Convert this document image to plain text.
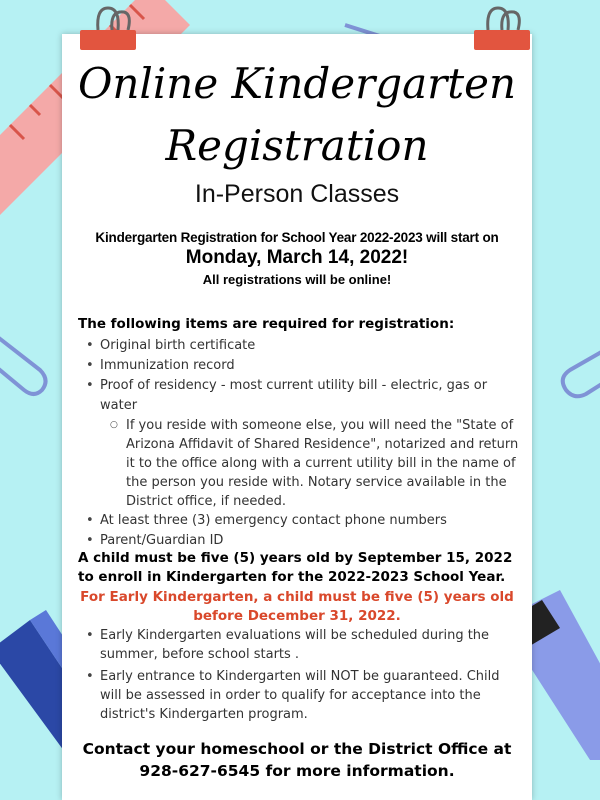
Online Kindergarten
Registration
In-Person Classes
Kindergarten Registration for School Year 2022-2023 will start on
Monday, March 14, 2022!
All registrations will be online!
The following items are required for registration:
• Original birth certificate
• Immunization record
• Proof of residency - most current utility bill - electric, gas or water
○ If you reside with someone else, you will need the "State of Arizona Affidavit of Shared Residence", notarized and return it to the office along with a current utility bill in the name of the person you reside with. Notary service available in the District office, if needed.
• At least three (3) emergency contact phone numbers
• Parent/Guardian ID
A child must be five (5) years old by September 15, 2022 to enroll in Kindergarten for the 2022-2023 School Year.
For Early Kindergarten, a child must be five (5) years old before December 31, 2022.
• Early Kindergarten evaluations will be scheduled during the summer, before school starts .
• Early entrance to Kindergarten will NOT be guaranteed. Child will be assessed in order to qualify for acceptance into the district's Kindergarten program.
Contact your homeschool or the District Office at
928-627-6545 for more information.
